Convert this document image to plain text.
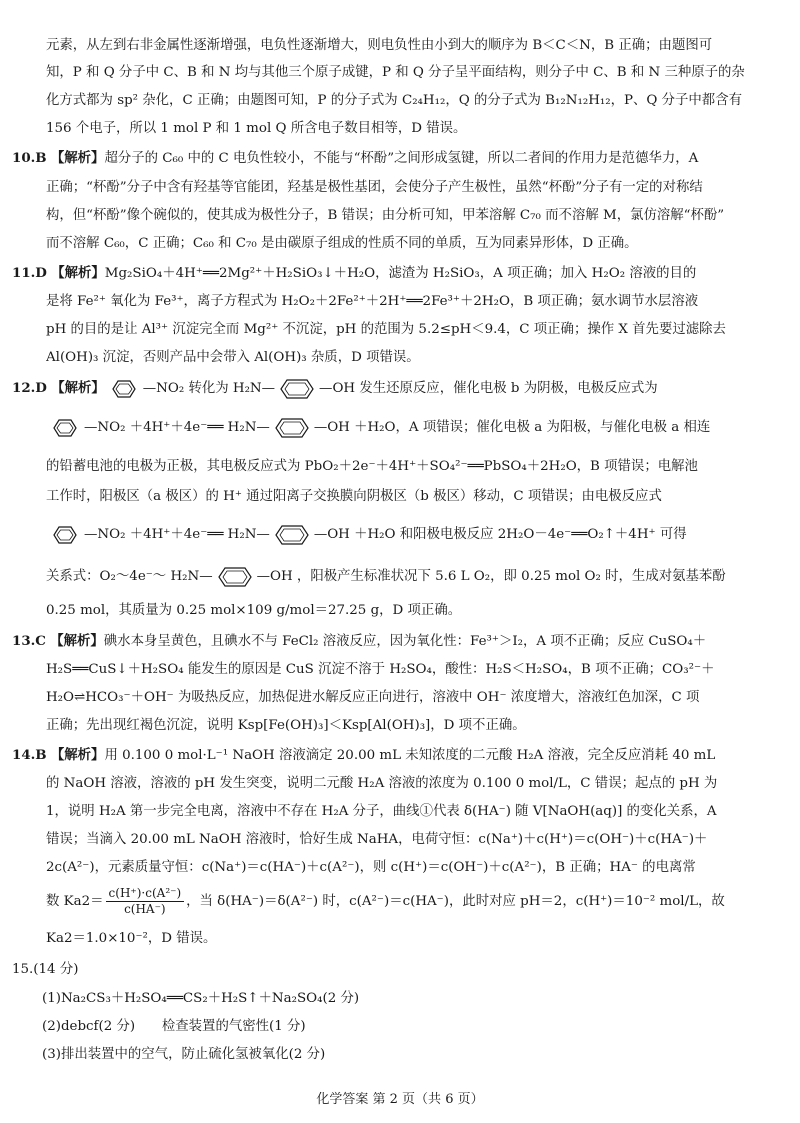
元素，从左到右非金属性逐渐增强，电负性逐渐增大，则电负性由小到大的顺序为 B＜C＜N，B 正确；由题图可
知，P 和 Q 分子中 C、B 和 N 均与其他三个原子成键，P 和 Q 分子呈平面结构，则分子中 C、B 和 N 三种原子的杂
化方式都为 sp² 杂化，C 正确；由题图可知，P 的分子式为 C₂₄H₁₂，Q 的分子式为 B₁₂N₁₂H₁₂，P、Q 分子中都含有
156 个电子，所以 1 mol P 和 1 mol Q 所含电子数目相等，D 错误。
10.B 【解析】超分子的 C₆₀ 中的 C 电负性较小，不能与“杯酚”之间形成氢键，所以二者间的作用力是范德华力，A
正确；“杯酚”分子中含有羟基等官能团，羟基是极性基团，会使分子产生极性，虽然“杯酚”分子有一定的对称结
构，但“杯酚”像个碗似的，使其成为极性分子，B 错误；由分析可知，甲苯溶解 C₇₀ 而不溶解 M，氯仿溶解“杯酚”
而不溶解 C₆₀，C 正确；C₆₀ 和 C₇₀ 是由碳原子组成的性质不同的单质，互为同素异形体，D 正确。
11.D 【解析】Mg₂SiO₄＋4H⁺══2Mg²⁺＋H₂SiO₃↓＋H₂O，滤渣为 H₂SiO₃，A 项正确；加入 H₂O₂ 溶液的目的
是将 Fe²⁺ 氧化为 Fe³⁺，离子方程式为 H₂O₂＋2Fe²⁺＋2H⁺══2Fe³⁺＋2H₂O，B 项正确；氨水调节水层溶液
pH 的目的是让 Al³⁺ 沉淀完全而 Mg²⁺ 不沉淀，pH 的范围为 5.2≤pH＜9.4，C 项正确；操作 X 首先要过滤除去
Al(OH)₃ 沉淀，否则产品中会带入 Al(OH)₃ 杂质，D 项错误。
12.D 【解析】	—NO₂ 转化为 H₂N—	—OH 发生还原反应，催化电极 b 为阴极，电极反应式为
—NO₂ ＋4H⁺＋4e⁻══ H₂N—	—OH ＋H₂O，A 项错误；催化电极 a 为阳极，与催化电极 a 相连
的铅蓄电池的电极为正极，其电极反应式为 PbO₂＋2e⁻＋4H⁺＋SO₄²⁻══PbSO₄＋2H₂O，B 项错误；电解池
工作时，阳极区（a 极区）的 H⁺ 通过阳离子交换膜向阴极区（b 极区）移动，C 项错误；由电极反应式
—NO₂ ＋4H⁺＋4e⁻══ H₂N—	—OH ＋H₂O 和阳极电极反应 2H₂O－4e⁻══O₂↑＋4H⁺ 可得
关系式：O₂～4e⁻～ H₂N—	—OH ，阳极产生标准状况下 5.6 L O₂，即 0.25 mol O₂ 时，生成对氨基苯酚
0.25 mol，其质量为 0.25 mol×109 g/mol＝27.25 g，D 项正确。
13.C 【解析】碘水本身呈黄色，且碘水不与 FeCl₂ 溶液反应，因为氧化性：Fe³⁺＞I₂，A 项不正确；反应 CuSO₄＋
H₂S══CuS↓＋H₂SO₄ 能发生的原因是 CuS 沉淀不溶于 H₂SO₄，酸性：H₂S＜H₂SO₄，B 项不正确；CO₃²⁻＋
H₂O⇌HCO₃⁻＋OH⁻ 为吸热反应，加热促进水解反应正向进行，溶液中 OH⁻ 浓度增大，溶液红色加深，C 项
正确；先出现红褐色沉淀，说明 Ksp[Fe(OH)₃]＜Ksp[Al(OH)₃]，D 项不正确。
14.B 【解析】用 0.100 0 mol·L⁻¹ NaOH 溶液滴定 20.00 mL 未知浓度的二元酸 H₂A 溶液，完全反应消耗 40 mL
的 NaOH 溶液，溶液的 pH 发生突变，说明二元酸 H₂A 溶液的浓度为 0.100 0 mol/L，C 错误；起点的 pH 为
1，说明 H₂A 第一步完全电离，溶液中不存在 H₂A 分子，曲线①代表 δ(HA⁻) 随 V[NaOH(aq)] 的变化关系，A
错误；当滴入 20.00 mL NaOH 溶液时，恰好生成 NaHA，电荷守恒：c(Na⁺)＋c(H⁺)＝c(OH⁻)＋c(HA⁻)＋
2c(A²⁻)，元素质量守恒：c(Na⁺)＝c(HA⁻)＋c(A²⁻)，则 c(H⁺)＝c(OH⁻)＋c(A²⁻)，B 正确；HA⁻ 的电离常
数 $Ka2= \frac{\text{c(H⁺)·c(A²⁻)}}{c(HA^-)}$ ，当 δ(HA⁻)＝δ(A²⁻) 时，c(A²⁻)＝c(HA⁻)，此时对应 pH＝2，c(H⁺)＝10⁻² mol/L，故
Ka2＝1.0×10⁻²，D 错误。
15.(14 分)
(1)Na₂CS₃＋H₂SO₄══CS₂＋H₂S↑＋Na₂SO₄(2 分)
(2)debcf(2 分)　　检查装置的气密性(1 分)
(3)排出装置中的空气，防止硫化氢被氧化(2 分)
化学答案 第 2 页（共 6 页）
